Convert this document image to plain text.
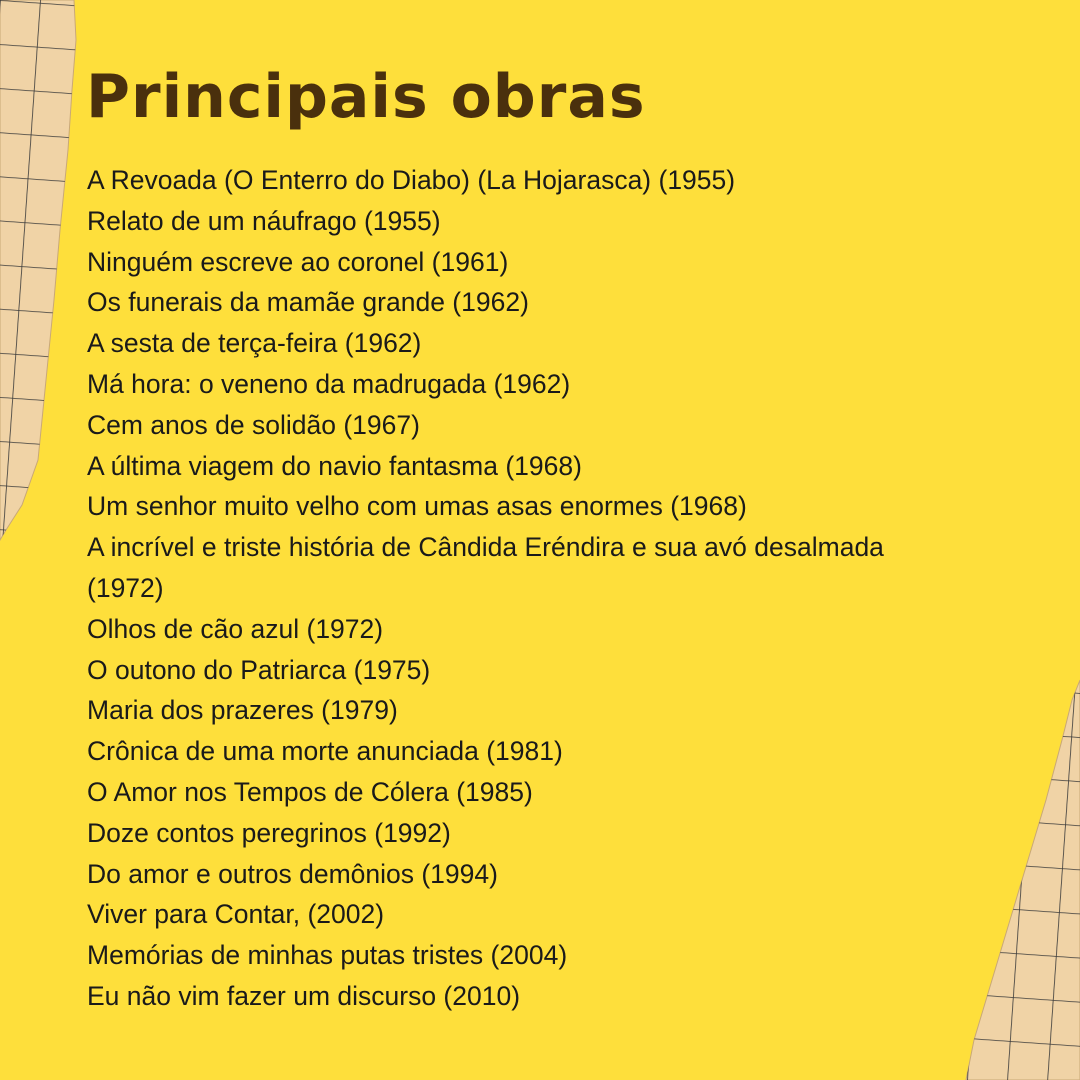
Principais obras
A Revoada (O Enterro do Diabo) (La Hojarasca) (1955)
Relato de um náufrago (1955)
Ninguém escreve ao coronel (1961)
Os funerais da mamãe grande (1962)
A sesta de terça-feira (1962)
Má hora: o veneno da madrugada (1962)
Cem anos de solidão (1967)
A última viagem do navio fantasma (1968)
Um senhor muito velho com umas asas enormes (1968)
A incrível e triste história de Cândida Eréndira e sua avó desalmada (1972)
Olhos de cão azul (1972)
O outono do Patriarca (1975)
Maria dos prazeres (1979)
Crônica de uma morte anunciada (1981)
O Amor nos Tempos de Cólera (1985)
Doze contos peregrinos (1992)
Do amor e outros demônios (1994)
Viver para Contar, (2002)
Memórias de minhas putas tristes (2004)
Eu não vim fazer um discurso (2010)
